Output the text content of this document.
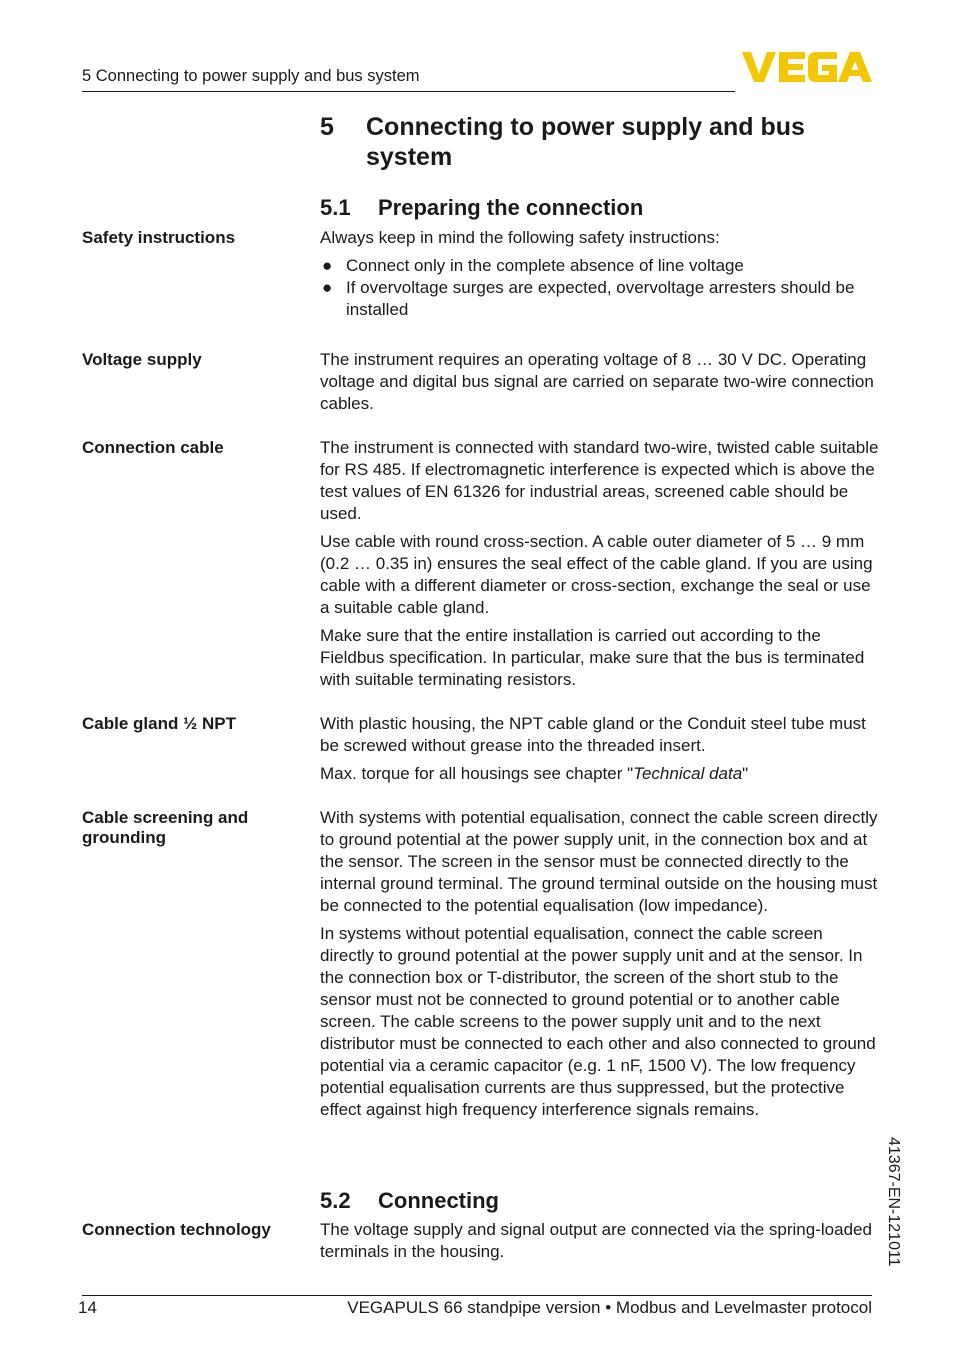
5 Connecting to power supply and bus system
5 Connecting to power supply and bus system
5.1 Preparing the connection
Safety instructions	Always keep in mind the following safety instructions:

● Connect only in the complete absence of line voltage
● If overvoltage surges are expected, overvoltage arresters should be installed
Voltage supply	The instrument requires an operating voltage of 8 … 30 V DC. Operating voltage and digital bus signal are carried on separate two-wire connection cables.

Connection cable	The instrument is connected with standard two-wire, twisted cable suitable for RS 485. If electromagnetic interference is expected which is above the test values of EN 61326 for industrial areas, screened cable should be used.

Use cable with round cross-section. A cable outer diameter of 5 … 9 mm (0.2 … 0.35 in) ensures the seal effect of the cable gland. If you are using cable with a different diameter or cross-section, exchange the seal or use a suitable cable gland.

Make sure that the entire installation is carried out according to the Fieldbus specification. In particular, make sure that the bus is terminated with suitable terminating resistors.

Cable gland ½ NPT	With plastic housing, the NPT cable gland or the Conduit steel tube must be screwed without grease into the threaded insert.

Max. torque for all housings see chapter "Technical data"

Cable screening and grounding

With systems with potential equalisation, connect the cable screen directly to ground potential at the power supply unit, in the connection box and at the sensor. The screen in the sensor must be connected directly to the internal ground terminal. The ground terminal outside on the housing must be connected to the potential equalisation (low impedance).

In systems without potential equalisation, connect the cable screen directly to ground potential at the power supply unit and at the sensor. In the connection box or T-distributor, the screen of the short stub to the sensor must not be connected to ground potential or to another cable screen. The cable screens to the power supply unit and to the next distributor must be connected to each other and also connected to ground potential via a ceramic capacitor (e.g. 1 nF, 1500 V). The low frequency potential equalisation currents are thus suppressed, but the protective effect against high frequency interference signals remains.

5.2 Connecting
Connection technology	The voltage supply and signal output are connected via the spring-loaded terminals in the housing.	41367-EN-121011
14	VEGAPULS 66 standpipe version • Modbus and Levelmaster protocol
